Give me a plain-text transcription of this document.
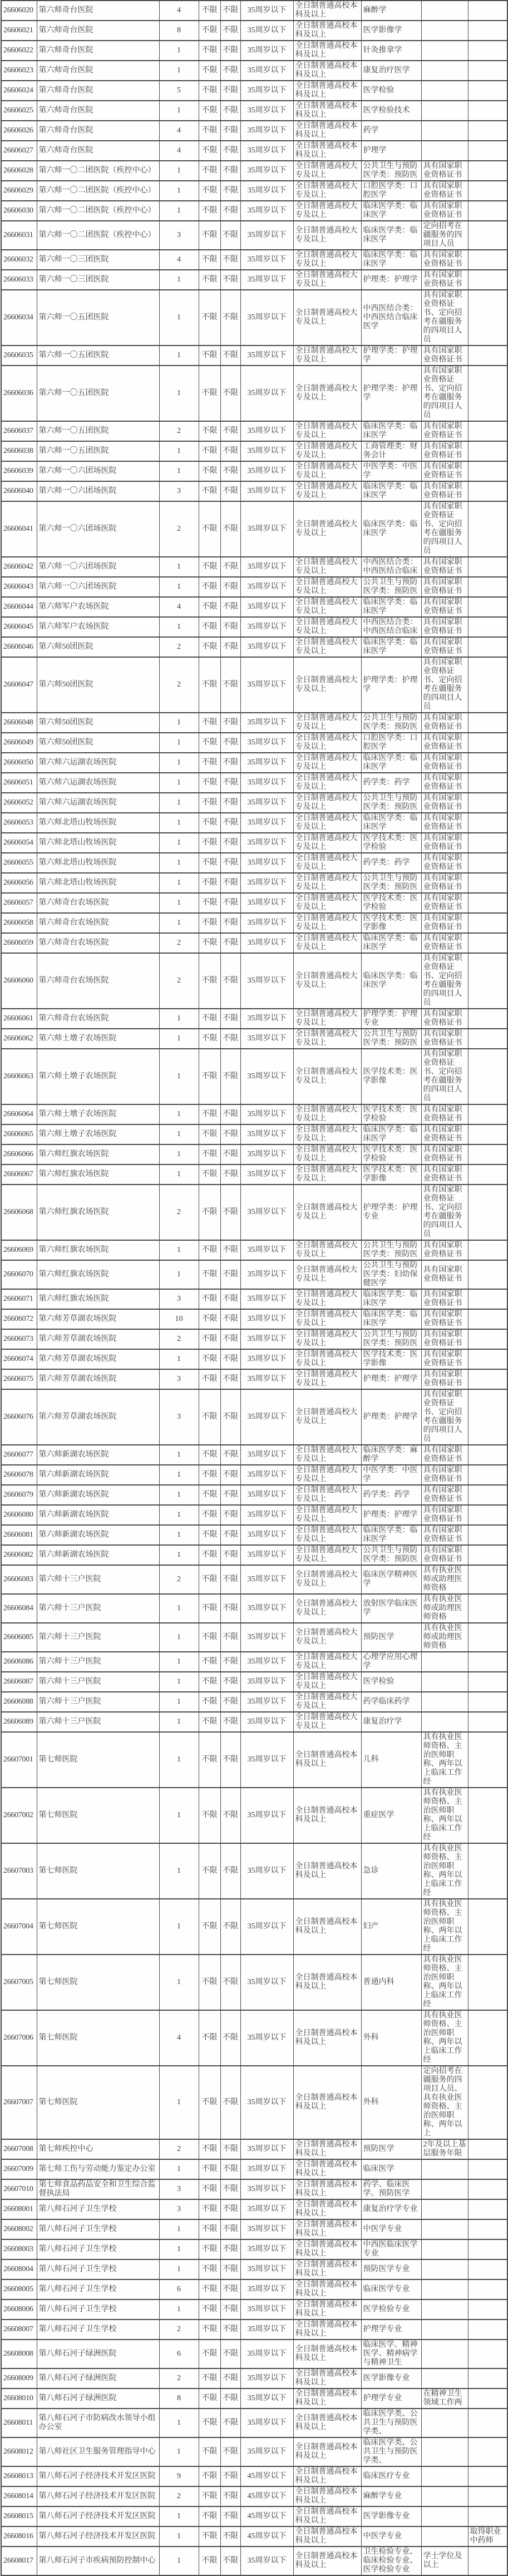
26606020	第六师奇台医院	4	不限	不限	35周岁以下	全日制普通高校本科及以上	麻醉学		
26606021	第六师奇台医院	8	不限	不限	35周岁以下	全日制普通高校本科及以上	医学影像学		
26606022	第六师奇台医院	1	不限	不限	35周岁以下	全日制普通高校本科及以上	针灸推拿学		
26606023	第六师奇台医院	1	不限	不限	35周岁以下	全日制普通高校本科及以上	康复治疗医学		
26606024	第六师奇台医院	5	不限	不限	35周岁以下	全日制普通高校本科及以上	医学检验		
26606025	第六师奇台医院	1	不限	不限	35周岁以下	全日制普通高校本科及以上	医学检验技术		
26606026	第六师奇台医院	4	不限	不限	35周岁以下	全日制普通高校本科及以上	药学		
26606027	第六师奇台医院	4	不限	不限	35周岁以下	全日制普通高校本科及以上	护理学		
26606028	第六师一〇二团医院（疾控中心）	1	不限	不限	35周岁以下	全日制普通高校大专及以上	公共卫生与预防医学类：预防医	具有国家职业资格证书	
26606029	第六师一〇二团医院（疾控中心）	1	不限	不限	35周岁以下	全日制普通高校大专及以上	口腔医学类：口腔医学	具有国家职业资格证书	
26606030	第六师一〇二团医院（疾控中心）	1	不限	不限	35周岁以下	全日制普通高校大专及以上	临床医学类：临床医学	具有国家职业资格证书	
26606031	第六师一〇二团医院（疾控中心）	3	不限	不限	35周岁以下	全日制普通高校大专及以上	临床医学类：临床医学	定向招考在疆服务的四项目人员	
26606032	第六师一〇三团医院	4	不限	不限	35周岁以下	全日制普通高校大专及以上	临床医学类：临床医学	具有国家职业资格证书	
26606033	第六师一〇三团医院	1	不限	不限	35周岁以下	全日制普通高校大专及以上	护理类：护理学	具有国家职业资格证书	
26606034	第六师一〇五团医院	1	不限	不限	35周岁以下	全日制普通高校大专及以上	中西医结合类：中西医结合临床医学	具有国家职业资格证书、定向招考在疆服务的四项目人员	
26606035	第六师一〇五团医院	1	不限	不限	35周岁以下	全日制普通高校大专及以上	护理学类：护理学	具有国家职业资格证书	
26606036	第六师一〇五团医院	1	不限	不限	35周岁以下	全日制普通高校大专及以上	护理学类：护理学	具有国家职业资格证书、定向招考在疆服务的四项目人员	
26606037	第六师一〇五团医院	2	不限	不限	35周岁以下	全日制普通高校大专及以上	临床医学类：临床医学	具有国家职业资格证书	
26606038	第六师一〇五团医院	1	不限	不限	35周岁以下	全日制普通高校大专及以上	工商管理类：财务会计	具有国家职业资格证书	
26606039	第六师一〇六团场医院	1	不限	不限	35周岁以下	全日制普通高校大专及以上	中医学类：中医学	具有国家职业资格证书	
26606040	第六师一〇六团场医院	3	不限	不限	35周岁以下	全日制普通高校大专及以上	临床医学类：临床医学	具有国家职业资格证书	
26606041	第六师一〇六团场医院	2	不限	不限	35周岁以下	全日制普通高校大专及以上	临床医学类：临床医学	具有国家职业资格证书、定向招考在疆服务的四项目人员	
26606042	第六师一〇六团场医院	1	不限	不限	35周岁以下	全日制普通高校大专及以上	中西医结合类：中西医结合临床	具有国家职业资格证书	
26606043	第六师一〇六团场医院	1	不限	不限	35周岁以下	全日制普通高校大专及以上	公共卫生与预防医学类：预防医	具有国家职业资格证书	
26606044	第六师军户农场医院	4	不限	不限	35周岁以下	全日制普通高校大专及以上	临床医学类：临床医学	具有国家职业资格证书	
26606045	第六师军户农场医院	1	不限	不限	35周岁以下	全日制普通高校大专及以上	中西医结合类：中西医结合临床	具有国家职业资格证书	
26606046	第六师50团医院	2	不限	不限	35周岁以下	全日制普通高校大专及以上	临床医学类：临床医学	具有国家职业资格证书	
26606047	第六师50团医院	2	不限	不限	35周岁以下	全日制普通高校大专及以上	护理学类：护理学	具有国家职业资格证书、定向招考在疆服务的四项目人员	
26606048	第六师50团医院	1	不限	不限	35周岁以下	全日制普通高校大专及以上	公共卫生与预防医学类：预防医	具有国家职业资格证书	
26606049	第六师50团医院	1	不限	不限	35周岁以下	全日制普通高校大专及以上	口腔医学类：口腔医学	具有国家职业资格证书	
26606050	第六师六运湖农场医院	1	不限	不限	35周岁以下	全日制普通高校大专及以上	临床医学类：临床医学	具有国家职业资格证书	
26606051	第六师六运湖农场医院	1	不限	不限	35周岁以下	全日制普通高校大专及以上	药学类：药学	具有国家职业资格证书	
26606052	第六师六运湖农场医院	1	不限	不限	35周岁以下	全日制普通高校大专及以上	公共卫生与预防医学类：预防医	具有国家职业资格证书	
26606053	第六师北塔山牧场医院	1	不限	不限	35周岁以下	全日制普通高校大专及以上	临床医学类：临床医学	具有国家职业资格证书	
26606054	第六师北塔山牧场医院	1	不限	不限	35周岁以下	全日制普通高校大专及以上	医学技术类：医学检验	具有国家职业资格证书	
26606055	第六师北塔山牧场医院	1	不限	不限	35周岁以下	全日制普通高校大专及以上	药学类：药学	具有国家职业资格证书	
26606056	第六师北塔山牧场医院	1	不限	不限	35周岁以下	全日制普通高校大专及以上	公共卫生与预防医学类：预防医	具有国家职业资格证书	
26606057	第六师奇台农场医院	1	不限	不限	35周岁以下	全日制普通高校大专及以上	医学技术类：医学检验	具有国家职业资格证书	
26606058	第六师奇台农场医院	1	不限	不限	35周岁以下	全日制普通高校大专及以上	医学技术类：医学影像	具有国家职业资格证书	
26606059	第六师奇台农场医院	2	不限	不限	35周岁以下	全日制普通高校大专及以上	临床医学类：临床医学	具有国家职业资格证书	
26606060	第六师奇台农场医院	2	不限	不限	35周岁以下	全日制普通高校大专及以上	临床医学类：临床医学	具有国家职业资格证书、定向招考在疆服务的四项目人员	
26606061	第六师奇台农场医院	1	不限	不限	35周岁以下	全日制普通高校大专及以上	护理学类：护理专业	具有国家职业资格证书	
26606062	第六师土墩子农场医院	1	不限	不限	35周岁以下	全日制普通高校大专及以上	公共卫生与预防医学类：预防医	具有国家职业资格证书	
26606063	第六师土墩子农场医院	1	不限	不限	35周岁以下	全日制普通高校大专及以上	医学技术类：医学影像	具有国家职业资格证书、定向招考在疆服务的四项目人员	
26606064	第六师土墩子农场医院	1	不限	不限	35周岁以下	全日制普通高校大专及以上	医学技术类：医学检验	具有国家职业资格证书	
26606065	第六师土墩子农场医院	1	不限	不限	35周岁以下	全日制普通高校大专及以上	临床医学类：临床医学	具有国家职业资格证书	
26606066	第六师红旗农场医院	1	不限	不限	35周岁以下	全日制普通高校大专及以上	医学技术类：医学检验	具有国家职业资格证书	
26606067	第六师红旗农场医院	1	不限	不限	35周岁以下	全日制普通高校大专及以上	医学技术类：医学影像	具有国家职业资格证书	
26606068	第六师红旗农场医院	2	不限	不限	35周岁以下	全日制普通高校大专及以上	护理学类：护理专业	具有国家职业资格证书、定向招考在疆服务的四项目人员	
26606069	第六师红旗农场医院	1	不限	不限	35周岁以下	全日制普通高校大专及以上	公共卫生与预防医学类：预防医	具有国家职业资格证书	
26606070	第六师红旗农场医院	1	不限	不限	35周岁以下	全日制普通高校大专及以上	公共卫生与预防医学类：妇幼保健医学	具有国家职业资格证书	
26606071	第六师红旗农场医院	3	不限	不限	35周岁以下	全日制普通高校大专及以上	临床医学类：临床医学	具有国家职业资格证书	
26606072	第六师芳草湖农场医院	10	不限	不限	35周岁以下	全日制普通高校大专及以上	临床医学类：临床医学	具有国家职业资格证书	
26606073	第六师芳草湖农场医院	2	不限	不限	35周岁以下	全日制普通高校大专及以上	公共卫生与预防医学类：预防医	具有国家职业资格证书	
26606074	第六师芳草湖农场医院	1	不限	不限	35周岁以下	全日制普通高校大专及以上	医学技术类：医学影像	具有国家职业资格证书	
26606075	第六师芳草湖农场医院	3	不限	不限	35周岁以下	全日制普通高校大专及以上	护理类：护理学	具有国家职业资格证书	
26606076	第六师芳草湖农场医院	3	不限	不限	35周岁以下	全日制普通高校大专及以上	护理类：护理学	具有国家职业资格证书、定向招考在疆服务的四项目人员	
26606077	第六师新湖农场医院	1	不限	不限	35周岁以下	全日制普通高校大专及以上	临床医学类：麻醉学	具有国家职业资格证书	
26606078	第六师新湖农场医院	1	不限	不限	35周岁以下	全日制普通高校大专及以上	中医学类：中医学	具有国家职业资格证书	
26606079	第六师新湖农场医院	1	不限	不限	35周岁以下	全日制普通高校大专及以上	药学类：药学	具有国家职业资格证书	
26606080	第六师新湖农场医院	1	不限	不限	35周岁以下	全日制普通高校大专及以上	护理类：护理学	具有国家职业资格证书	
26606081	第六师新湖农场医院	1	不限	不限	35周岁以下	全日制普通高校大专及以上	临床医学类：临床医学	具有国家职业资格证书	
26606082	第六师新湖农场医院	1	不限	不限	35周岁以下	全日制普通高校大专及以上	公共卫生与预防医学类：预防医	具有国家职业资格证书	
26606083	第六师十三户医院	2	不限	不限	35周岁以下	全日制普通高校大专及以上	临床医学精神医学	具有执业医师或助理医师资格	
26606084	第六师十三户医院	1	不限	不限	35周岁以下	全日制普通高校大专及以上	放射医学临床医学	具有执业医师或助理医师资格	
26606085	第六师十三户医院	1	不限	不限	35周岁以下	全日制普通高校大专及以上	预防医学	具有执业医师或助理医师资格	
26606086	第六师十三户医院	1	不限	不限	35周岁以下	全日制普通高校大专及以上	心理学应用心理学		
26606087	第六师十三户医院	1	不限	不限	35周岁以下	全日制普通高校大专及以上	医学检验		
26606088	第六师十三户医院	1	不限	不限	35周岁以下	全日制普通高校大专及以上	药学临床药学		
26606089	第六师十三户医院	1	不限	不限	35周岁以下	全日制普通高校大专及以上	康复治疗学		
26607001	第七师医院	1	不限	不限	35周岁以下	全日制普通高校本科及以上	儿科	具有执业医师资格、主治医师职称、两年以上临床工作经	
26607002	第七师医院	1	不限	不限	35周岁以下	全日制普通高校本科及以上	重症医学	具有执业医师资格、主治医师职称、两年以上临床工作经	
26607003	第七师医院	1	不限	不限	35周岁以下	全日制普通高校本科及以上	急诊	具有执业医师资格、主治医师职称、两年以上临床工作经	
26607004	第七师医院	1	不限	不限	35周岁以下	全日制普通高校本科及以上	妇产	具有执业医师资格、主治医师职称、两年以上临床工作经	
26607005	第七师医院	1	不限	不限	35周岁以下	全日制普通高校本科及以上	普通内科	具有执业医师资格、主治医师职称、两年以上临床工作经	
26607006	第七师医院	4	不限	不限	35周岁以下	全日制普通高校本科及以上	外科	具有执业医师资格、主治医师职称、两年以上临床工作经	
26607007	第七师医院	1	不限	不限	35周岁以下	全日制普通高校本科及以上	外科	定向招考在疆服务的四项目人员、具有执业医师资格、主治医师职称、两年以上	
26607008	第七师疾控中心	2	不限	不限	35周岁以下	全日制普通高校本科及以上	预防医学	2年及以上基层服务年限	
26607009	第七师工伤与劳动能力鉴定办公室	1	不限	不限	35周岁以下	全日制普通高校本科及以上	临床医学		
26607010	第七师食品药品安全和卫生综合监督执法局	3	不限	不限	35周岁以下	全日制普通高校本科及以上	药学、临床医学、预防医学		
26608001	第八师石河子卫生学校	3	不限	不限	35周岁以下	全日制普通高校本科及以上	康复治疗学专业		
26608002	第八师石河子卫生学校	1	不限	不限	35周岁以下	全日制普通高校本科及以上	中医学专业		
26608003	第八师石河子卫生学校	1	不限	不限	35周岁以下	全日制普通高校本科及以上	中西医临床医学专业		
26608004	第八师石河子卫生学校	1	不限	不限	35周岁以下	全日制普通高校本科及以上	预防医学专业		
26608005	第八师石河子卫生学校	6	不限	不限	35周岁以下	全日制普通高校本科及以上	临床医学专业		
26608006	第八师石河子卫生学校	1	不限	不限	35周岁以下	全日制普通高校本科及以上	医学检验专业		
26608007	第八师石河子卫生学校	2	不限	不限	35周岁以下	全日制普通高校本科及以上	护理学专业		
26608008	第八师石河子绿洲医院	6	不限	不限	35周岁以下	全日制普通高校本科及以上	临床医学、精神医学、精神病学与精神卫生		
26608009	第八师石河子绿洲医院	2	不限	不限	35周岁以下	全日制普通高校本科及以上	医学影像专业		
26608010	第八师石河子绿洲医院	8	不限	不限	35周岁以下	全日制普通高校本科及以上	护理学专业	在精神卫生领域工作两	
26608011	第八师石河子市防病改水领导小组办公室	1	不限	不限	35周岁以下	全日制普通高校本科及以上	临床医学类、公共卫生与预防医学类、		
26608012	第八师社区卫生服务管理指导中心	1	不限	不限	35周岁以下	全日制普通高校本科及以上	临床医学类、公共卫生与预防医学类、		
26608013	第八师石河子经济技术开发区医院	9	不限	不限	45周岁以下	全日制普通高校本科及以上	临床医疗专业		
26608014	第八师石河子经济技术开发区医院	2	不限	不限	45周岁以下	全日制普通高校本科及以上	麻醉学专业		
26608015	第八师石河子经济技术开发区医院	1	不限	不限	45周岁以下	全日制普通高校本科及以上	医学影像专业		
26608016	第八师石河子经济技术开发区医院	1	不限	不限	45周岁以下	全日制普通高校本科及以上	中医学专业		取得职业中药师
26608017	第八师石河子市疾病预防控制中心	1	不限	不限	35周岁以下	全日制普通高校本科及以上	卫生检验专业、临床检验专业、医学检验专业	学士学位及以上	
